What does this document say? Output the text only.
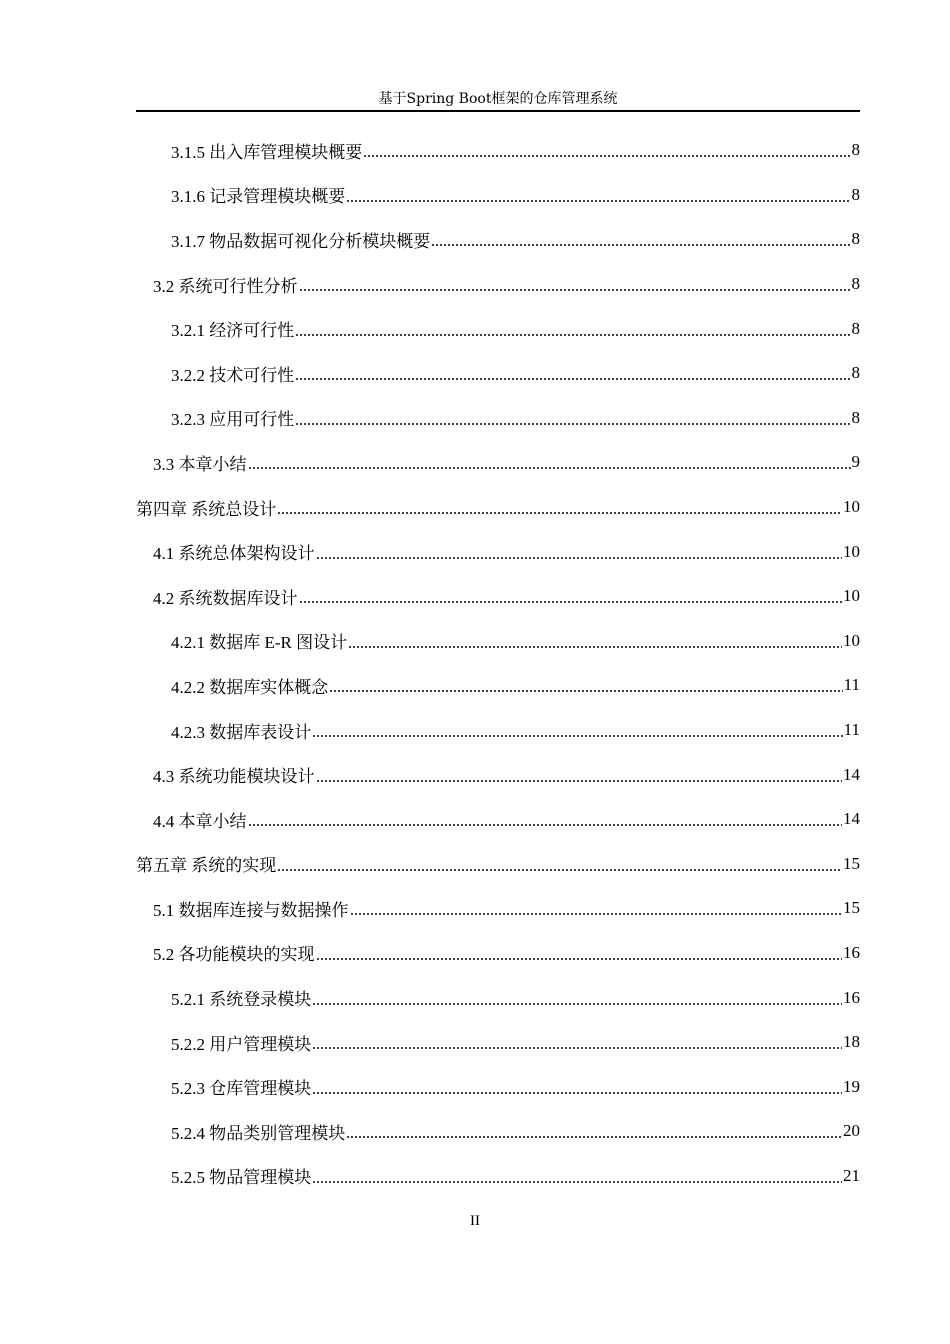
基于Spring Boot框架的仓库管理系统
3.1.5 出入库管理模块概要	8
3.1.6 记录管理模块概要	8
3.1.7 物品数据可视化分析模块概要	8
3.2 系统可行性分析	8
3.2.1 经济可行性	8
3.2.2 技术可行性	8
3.2.3 应用可行性	8
3.3 本章小结	9
第四章 系统总设计	10
4.1 系统总体架构设计	10
4.2 系统数据库设计	10
4.2.1 数据库 E-R 图设计	10
4.2.2 数据库实体概念	11
4.2.3 数据库表设计	11
4.3 系统功能模块设计	14
4.4 本章小结	14
第五章 系统的实现	15
5.1 数据库连接与数据操作	15
5.2 各功能模块的实现	16
5.2.1 系统登录模块	16
5.2.2 用户管理模块	18
5.2.3 仓库管理模块	19
5.2.4 物品类别管理模块	20
5.2.5 物品管理模块	21
II
